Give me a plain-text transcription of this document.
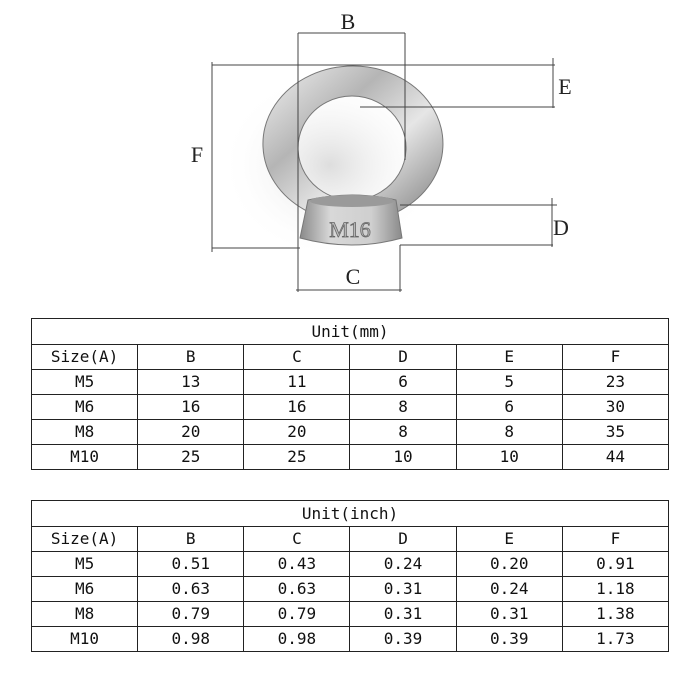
M16
B
E
F
D
C
Unit(mm)					
Size(A)	B	C	D	E	F
M5	13	11	6	5	23
M6	16	16	8	6	30
M8	20	20	8	8	35
M10	25	25	10	10	44
Unit(inch)					
Size(A)	B	C	D	E	F
M5	0.51	0.43	0.24	0.20	0.91
M6	0.63	0.63	0.31	0.24	1.18
M8	0.79	0.79	0.31	0.31	1.38
M10	0.98	0.98	0.39	0.39	1.73
